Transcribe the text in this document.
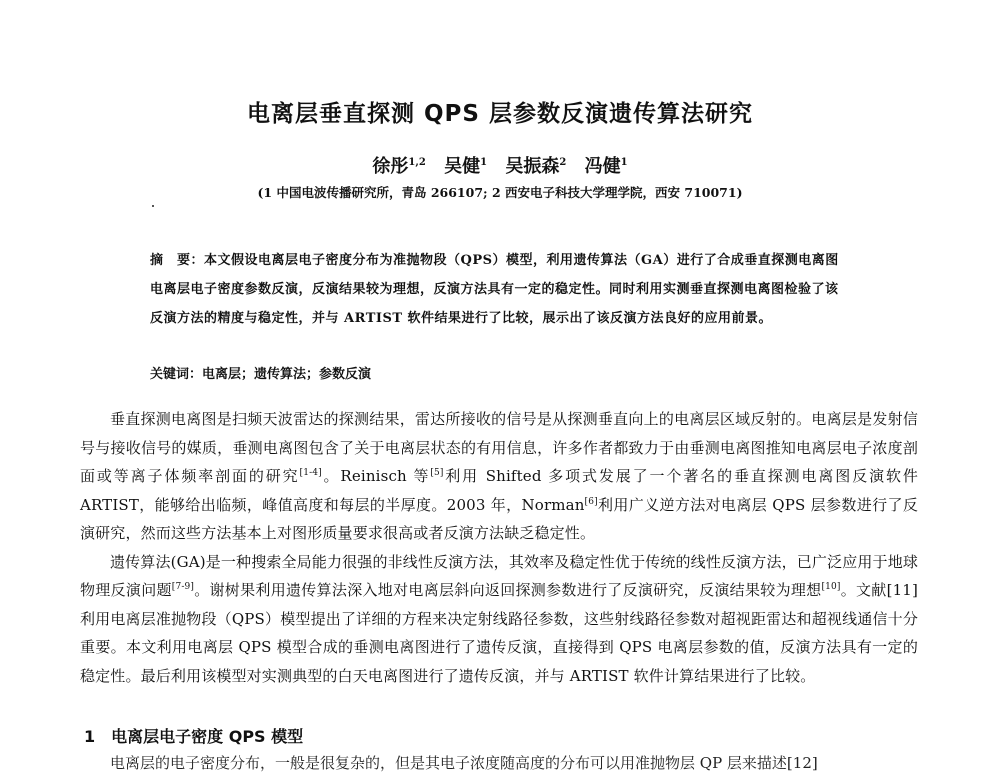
电离层垂直探测 QPS 层参数反演遗传算法研究
徐彤$^{1,2}$ 吴健$^1$ 吴振森$^2$ 冯健$^1$
(1 中国电波传播研究所，青岛 266107; 2 西安电子科技大学理学院，西安 710071)
摘　要：本文假设电离层电子密度分布为准抛物段（QPS）模型，利用遗传算法（GA）进行了合成垂直探测电离图电离层电子密度参数反演，反演结果较为理想，反演方法具有一定的稳定性。同时利用实测垂直探测电离图检验了该反演方法的精度与稳定性，并与 ARTIST 软件结果进行了比较，展示出了该反演方法良好的应用前景。
关键词：电离层；遗传算法；参数反演

垂直探测电离图是扫频天波雷达的探测结果，雷达所接收的信号是从探测垂直向上的电离层区域反射的。电离层是发射信号与接收信号的媒质，垂测电离图包含了关于电离层状态的有用信息，许多作者都致力于由垂测电离图推知电离层电子浓度剖面或等离子体频率剖面的研究[1-4]。Reinisch 等[5]利用 Shifted 多项式发展了一个著名的垂直探测电离图反演软件 ARTIST，能够给出临频，峰值高度和每层的半厚度。2003 年，Norman[6]利用广义逆方法对电离层 QPS 层参数进行了反演研究，然而这些方法基本上对图形质量要求很高或者反演方法缺乏稳定性。

遗传算法(GA)是一种搜索全局能力很强的非线性反演方法，其效率及稳定性优于传统的线性反演方法，已广泛应用于地球物理反演问题[7-9]。谢树果利用遗传算法深入地对电离层斜向返回探测参数进行了反演研究，反演结果较为理想[10]。文献[11]利用电离层准抛物段（QPS）模型提出了详细的方程来决定射线路径参数，这些射线路径参数对超视距雷达和超视线通信十分重要。本文利用电离层 QPS 模型合成的垂测电离图进行了遗传反演，直接得到 QPS 电离层参数的值，反演方法具有一定的稳定性。最后利用该模型对实测典型的白天电离图进行了遗传反演，并与 ARTIST 软件计算结果进行了比较。

1 电离层电子密度 QPS 模型
电离层的电子密度分布，一般是很复杂的，但是其电子浓度随高度的分布可以用准抛物层 QP 层来描述[12]
